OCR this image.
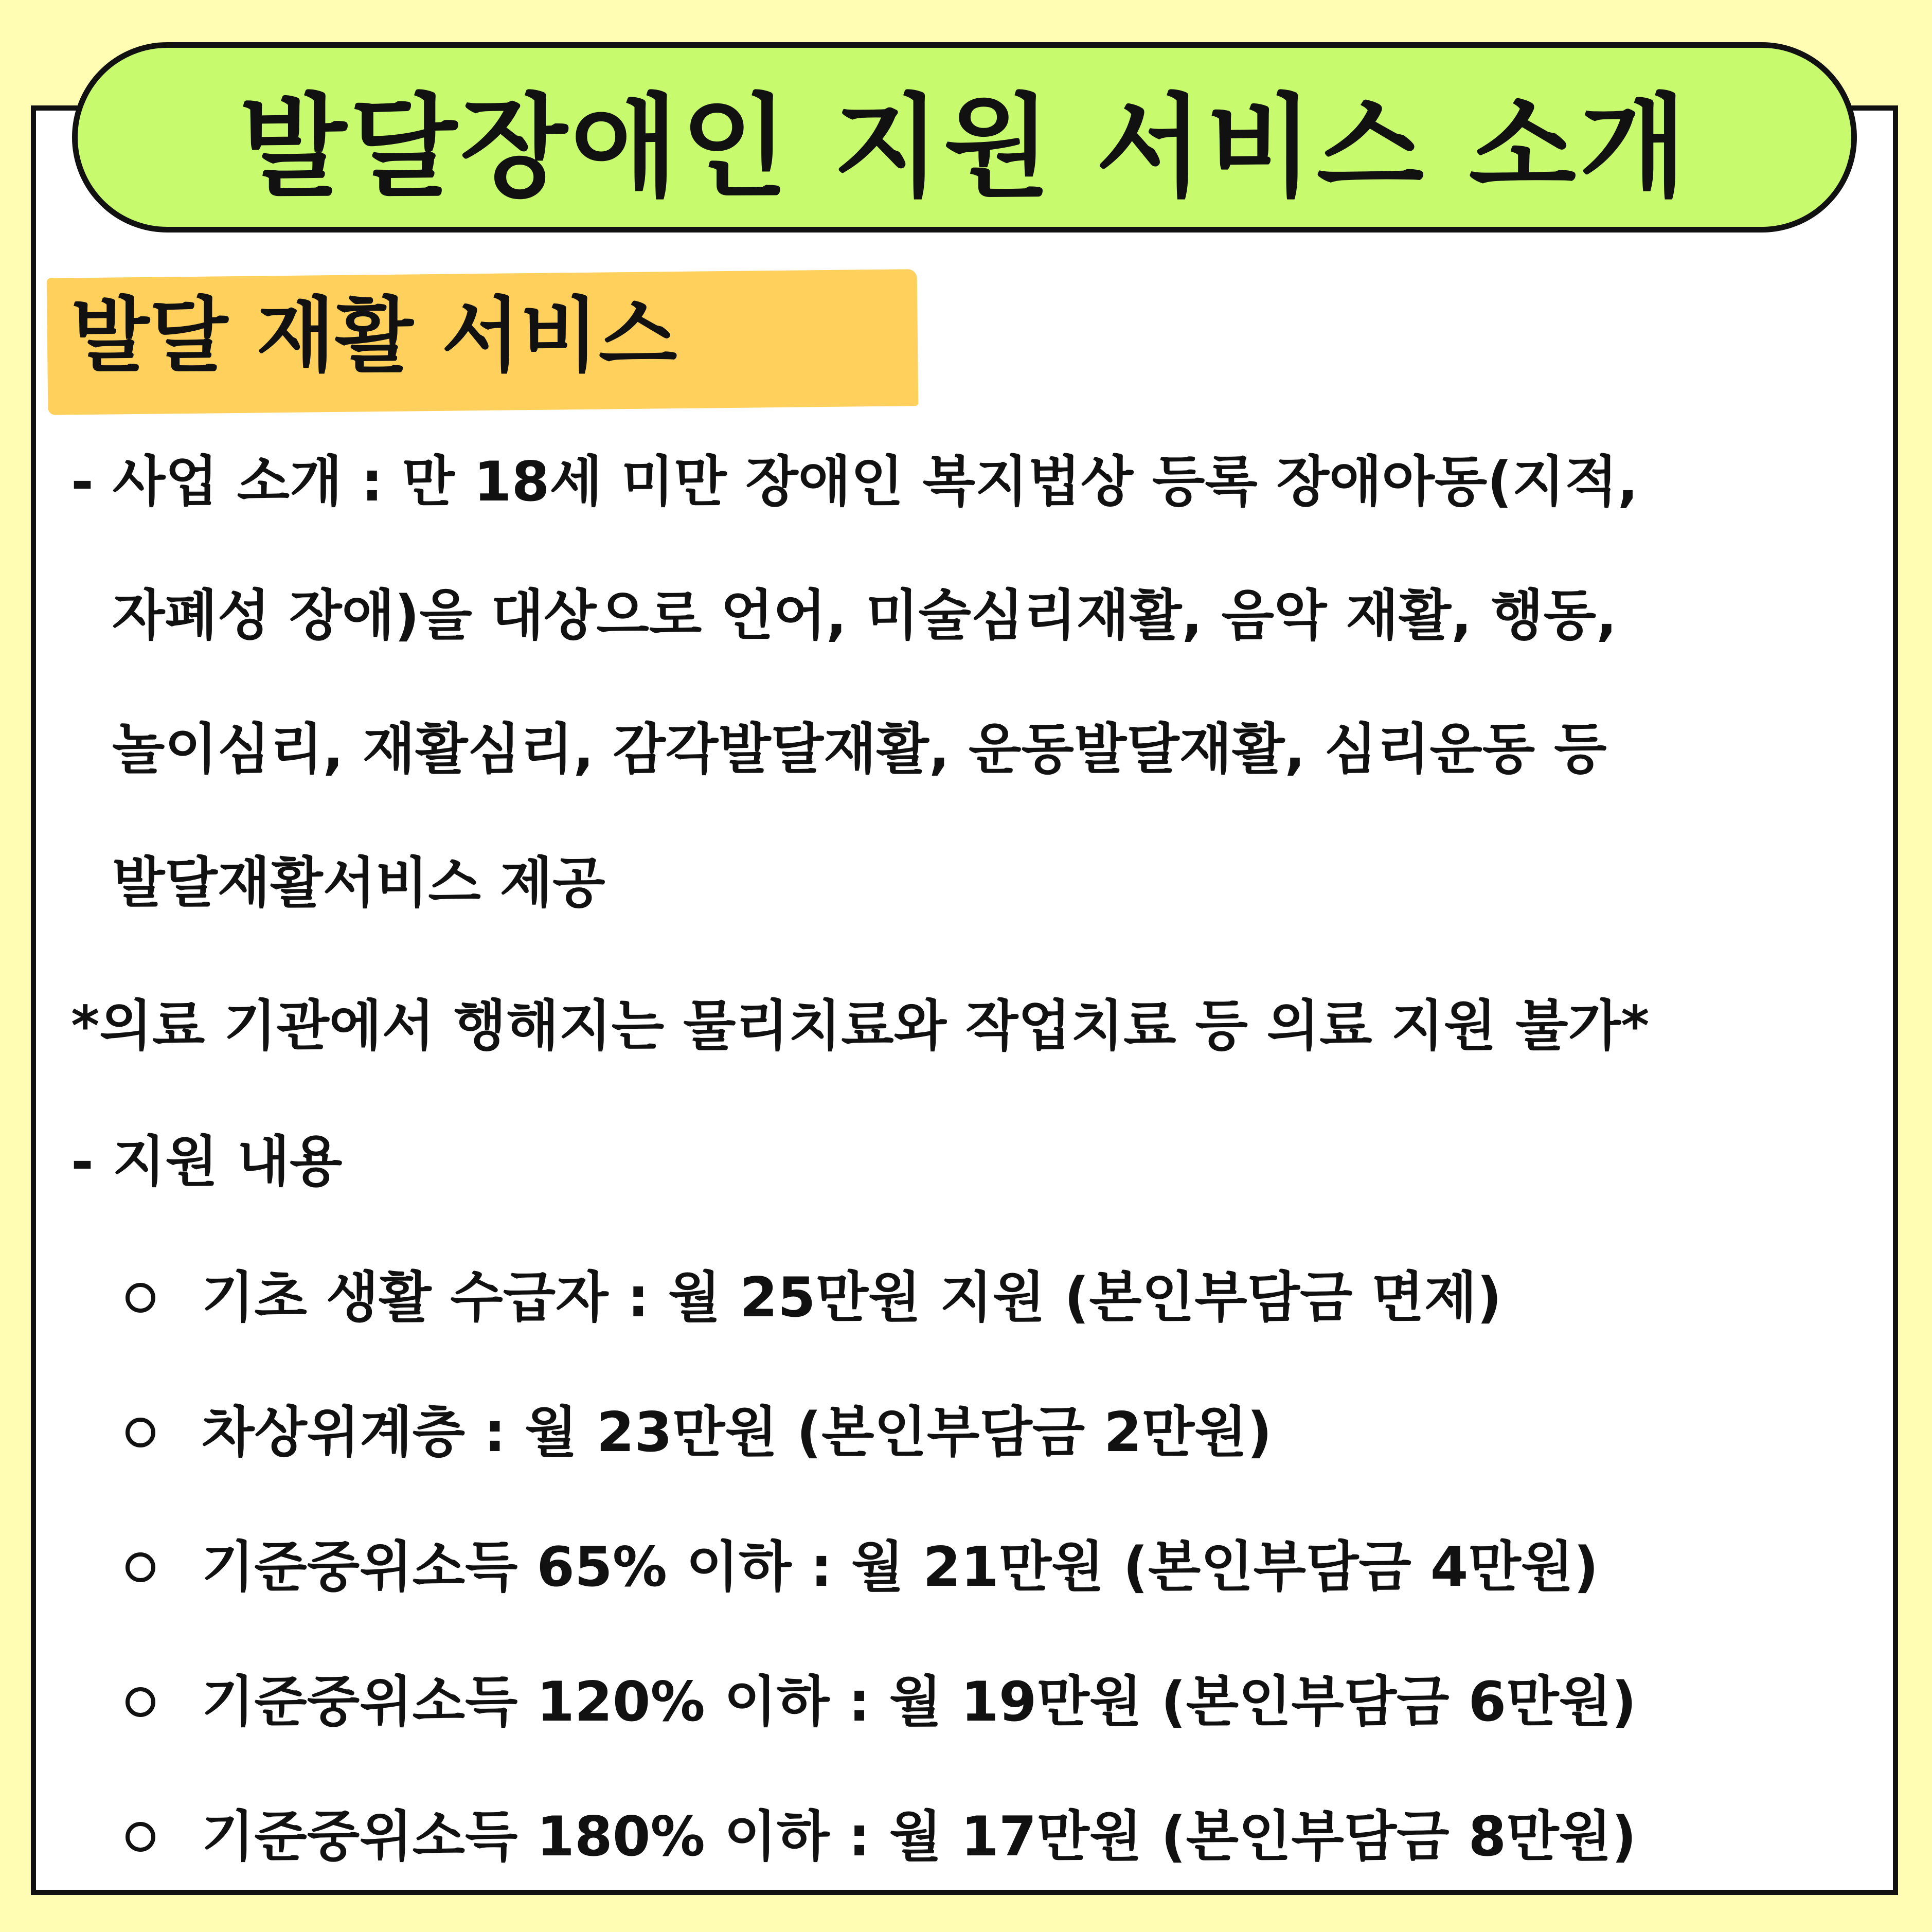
발달장애인 지원 서비스 소개
발달 재활 서비스
- 사업 소개 : 만 18세 미만 장애인 복지법상 등록 장애아동(지적,
자폐성 장애)을 대상으로 언어, 미술심리재활, 음악 재활, 행동,
놀이심리, 재활심리, 감각발달재활, 운동발달재활, 심리운동 등
발달재활서비스 제공
*의료 기관에서 행해지는 물리치료와 작업치료 등 의료 지원 불가*
- 지원 내용
기초 생활 수급자 : 월 25만원 지원 (본인부담금 면제)
차상위계층 : 월 23만원 (본인부담금 2만원)
기준중위소득 65% 이하 : 월 21만원 (본인부담금 4만원)
기준중위소득 120% 이하 : 월 19만원 (본인부담금 6만원)
기준중위소득 180% 이하 : 월 17만원 (본인부담금 8만원)
